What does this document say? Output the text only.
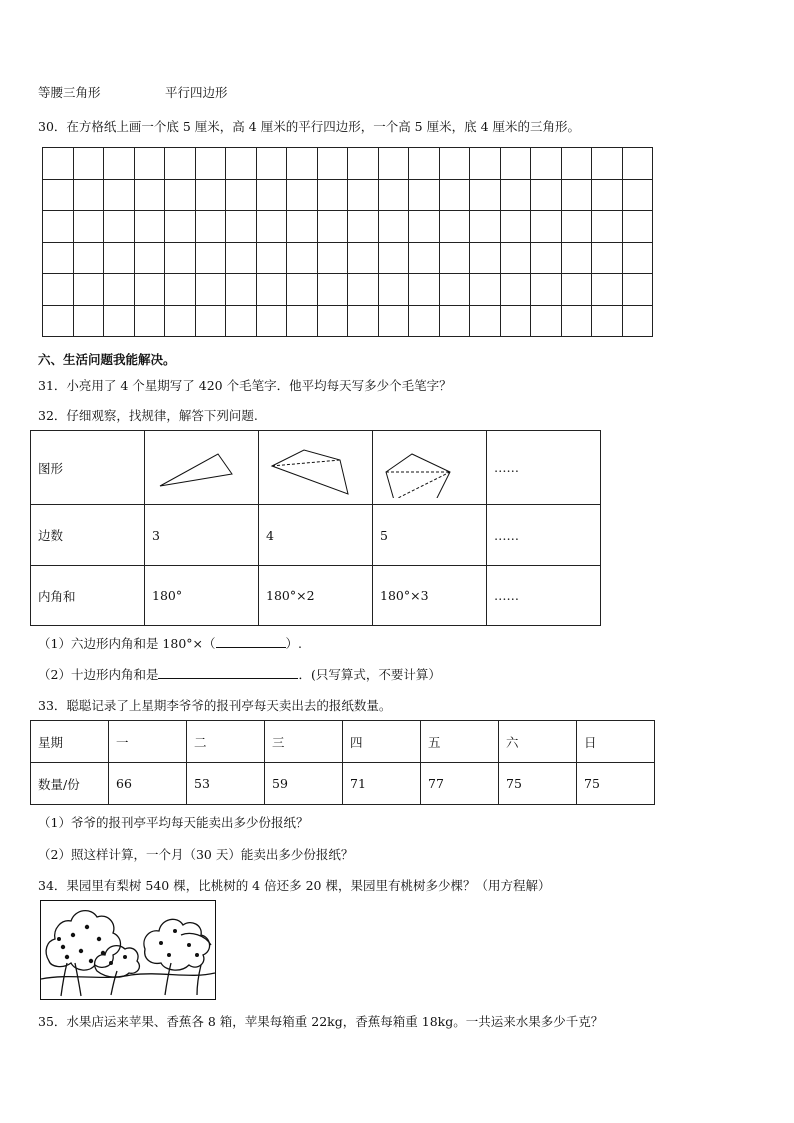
等腰三角形	平行四边形
30．在方格纸上画一个底 5 厘米，高 4 厘米的平行四边形，一个高 5 厘米，底 4 厘米的三角形。

六、生活问题我能解决。
31．小亮用了 4 个星期写了 420 个毛笔字．他平均每天写多少个毛笔字？
32．仔细观察，找规律，解答下列问题.
图形				……
边数	3	4	5	……
内角和	180°	180°×2	180°×3	……
（1）六边形内角和是 180°×（	）.
（2）十边形内角和是	．(只写算式，不要计算）
33．聪聪记录了上星期李爷爷的报刊亭每天卖出去的报纸数量。
星期	一	二	三	四	五	六	日
数量/份	66	53	59	71	77	75	75
（1）爷爷的报刊亭平均每天能卖出多少份报纸？
（2）照这样计算，一个月（30 天）能卖出多少份报纸？
34．果园里有梨树 540 棵，比桃树的 4 倍还多 20 棵，果园里有桃树多少棵？（用方程解）
35．水果店运来苹果、香蕉各 8 箱，苹果每箱重 22kg，香蕉每箱重 18kg。一共运来水果多少千克？
